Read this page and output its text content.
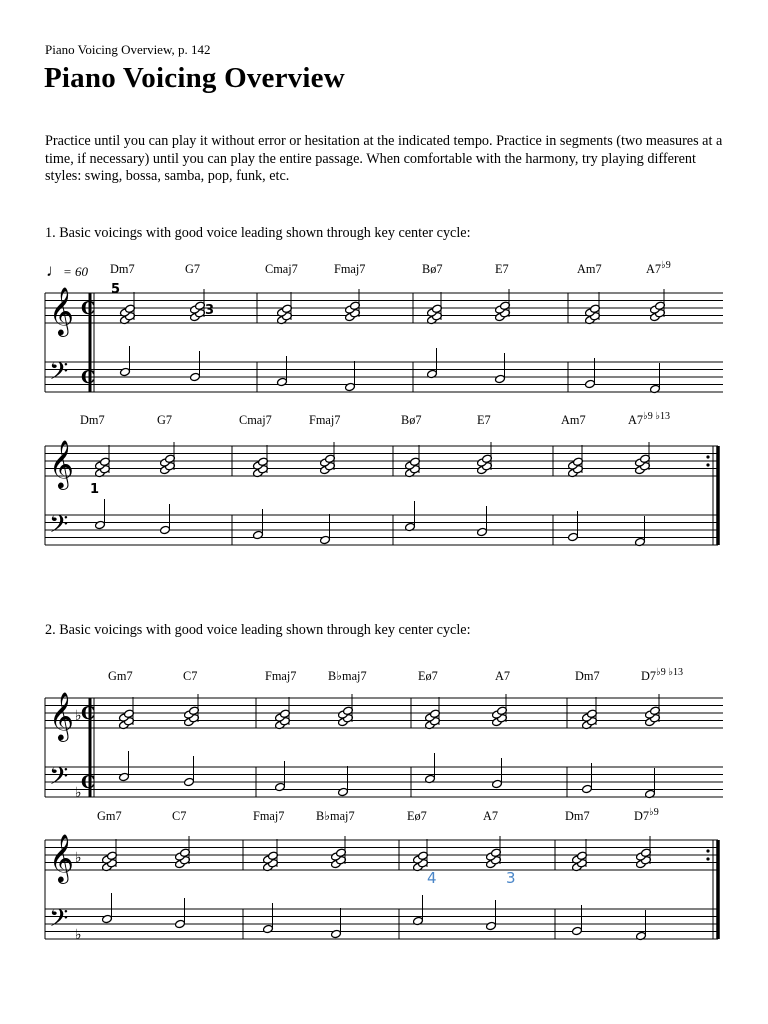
Piano Voicing Overview, p. 142
Piano Voicing Overview
Practice until you can play it without error or hesitation at the indicated tempo. Practice in segments (two measures at a time, if necessary) until you can play the entire passage. When comfortable with the harmony, try playing different styles: swing, bossa, samba, pop, funk, etc.
1. Basic voicings with good voice leading shown through key center cycle:
2. Basic voicings with good voice leading shown through key center cycle:
♩= 60 Dm7	G7	Cmaj7	Fmaj7	Bø7	E7	Am7	$A7^{♭9}$
Dm7	G7	Cmaj7	Fmaj7	Bø7	E7	Am7	$A7^{♭9 ♭13}$
Gm7	C7	Fmaj7	B♭maj7	Eø7	A7	Dm7	$D7^{♭9 ♭13}$
Gm7	C7	Fmaj7	B♭maj7	Eø7	A7	Dm7	$D7^{♭9}$
5
3
1
4	3
𝄞
𝄢
C
C
𝄞
𝄢
𝄞
𝄢
♭
♭
C
C
𝄞
𝄢
♭
♭
